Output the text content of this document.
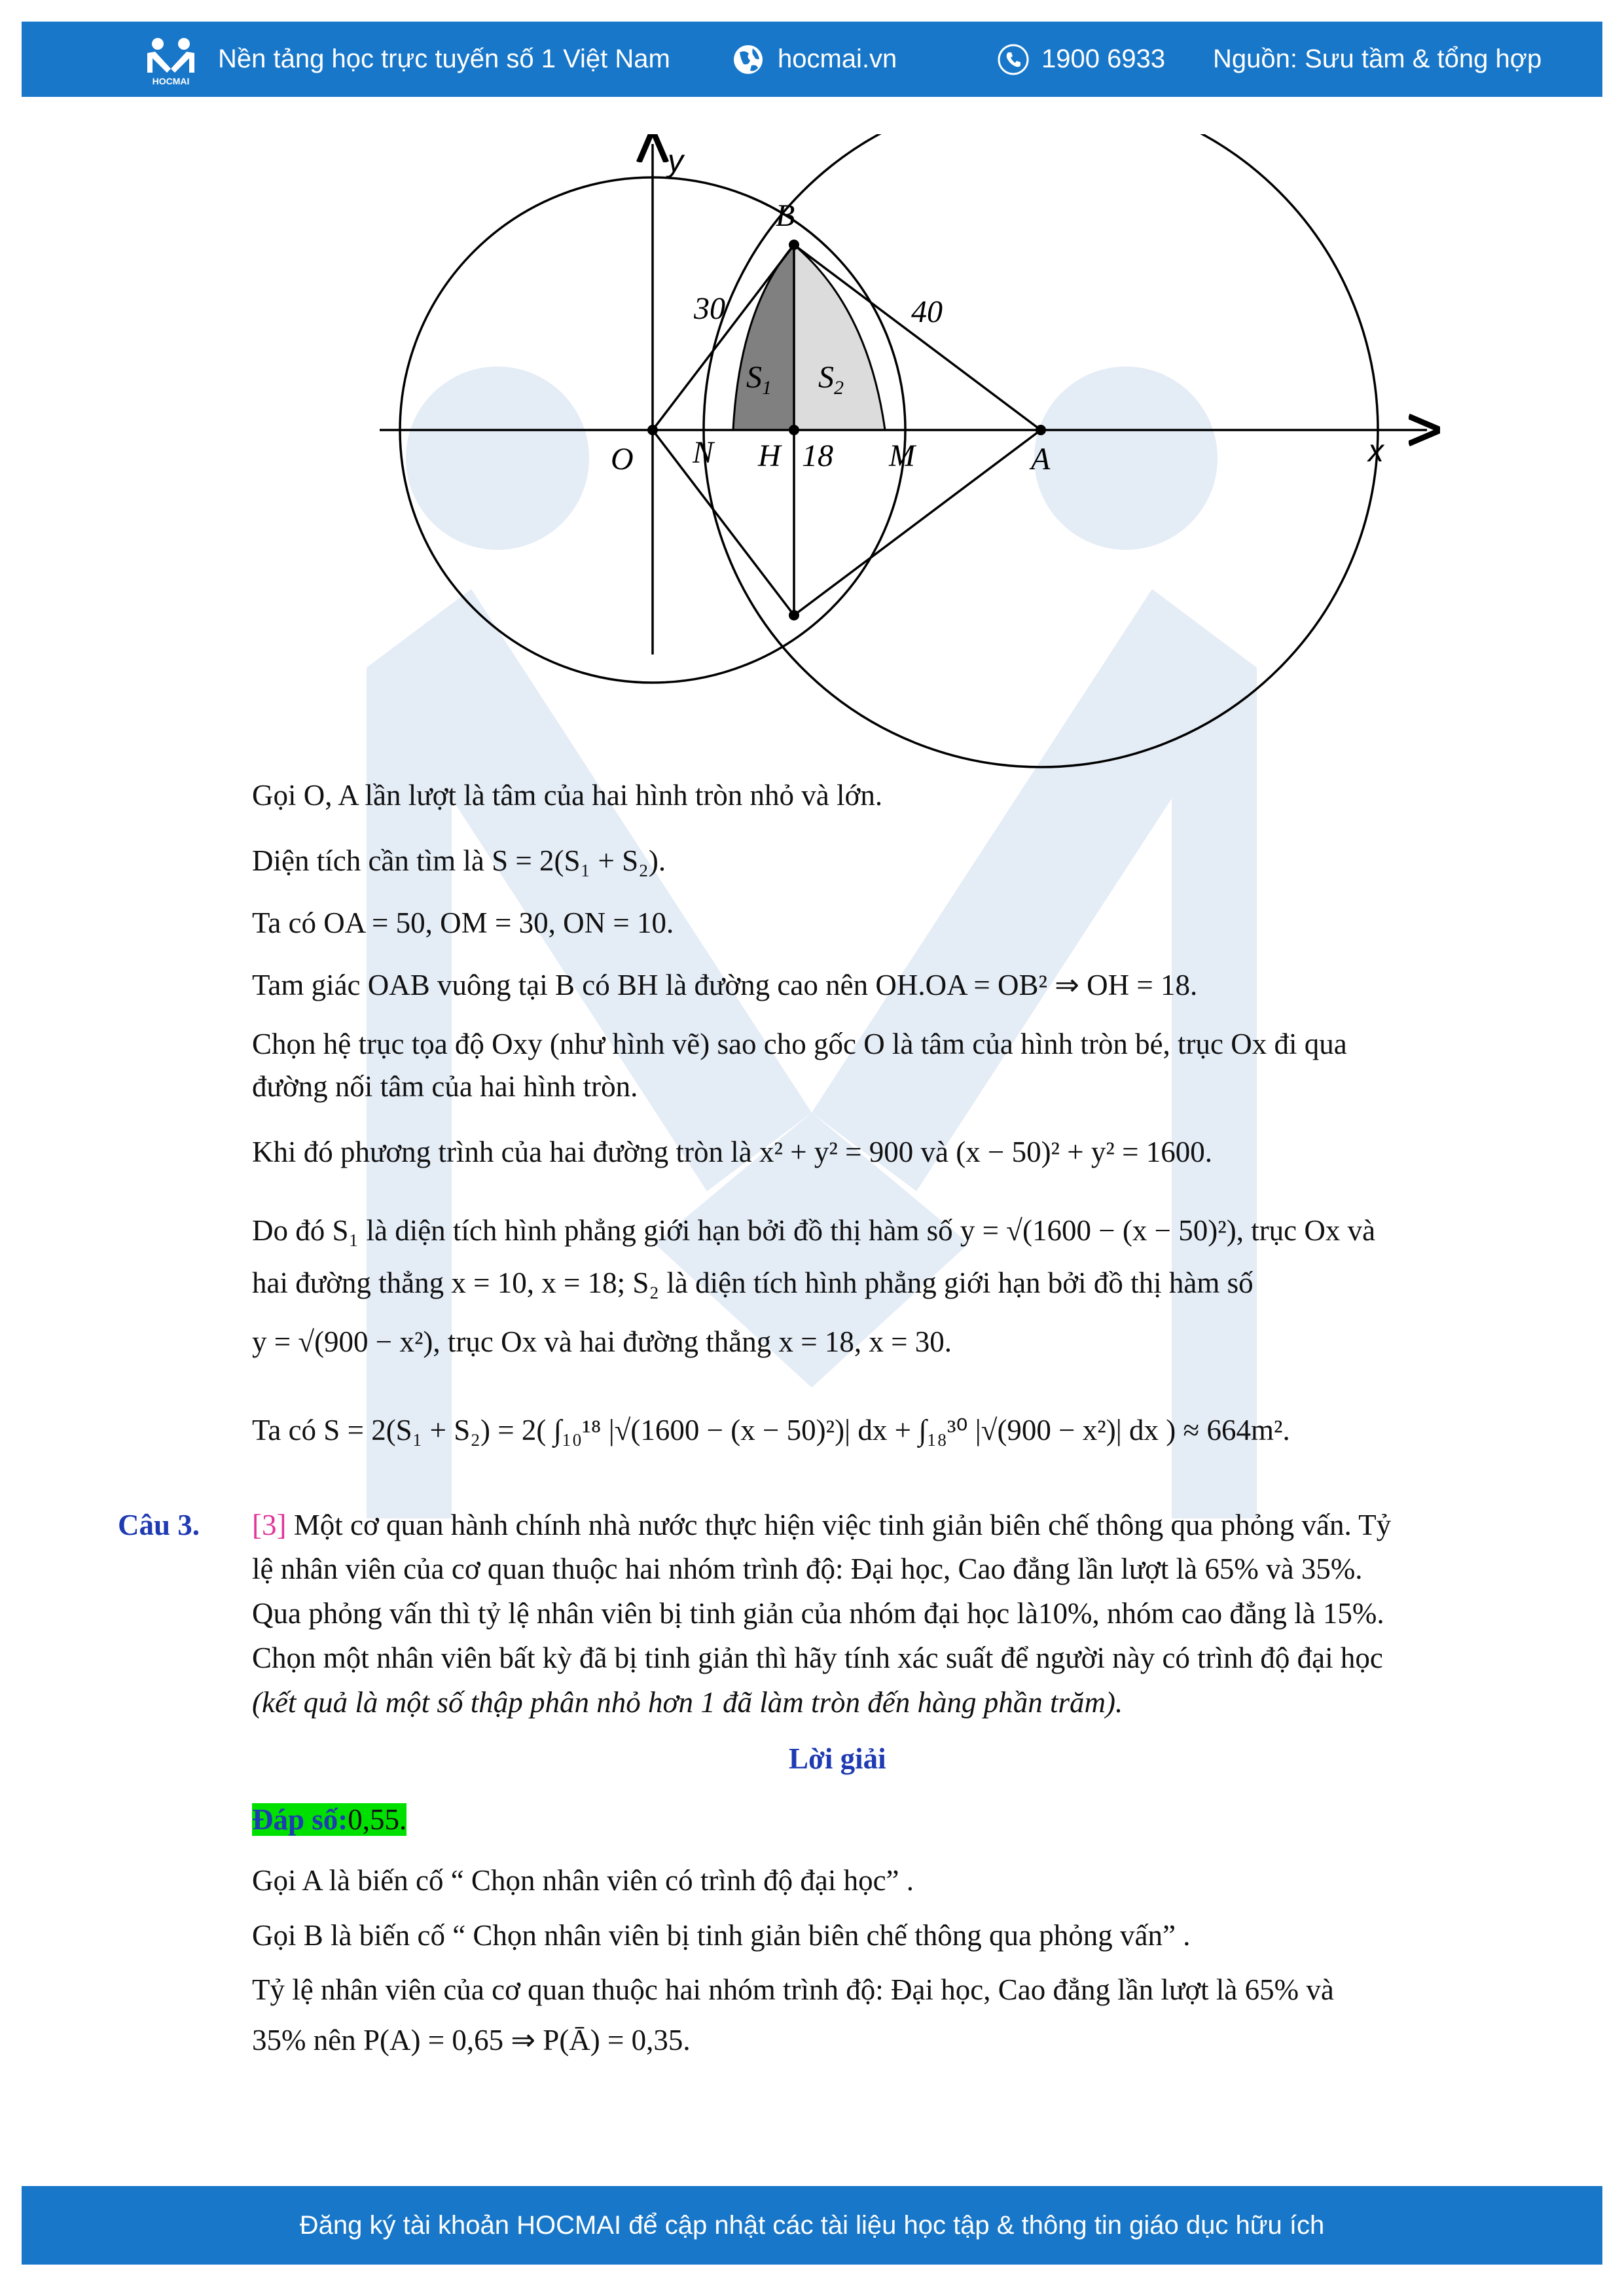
HOCMAI
Nền tảng học trực tuyến số 1 Việt Nam	hocmai.vn	1900 6933 Nguồn: Sưu tầm & tổng hợp
y
x
B
30	40
$S_1$ $S_2$
O N H 18 M	A
Gọi O, A lần lượt là tâm của hai hình tròn nhỏ và lớn.
Diện tích cần tìm là S = 2(S₁ + S₂).
Ta có OA = 50, OM = 30, ON = 10.
Tam giác OAB vuông tại B có BH là đường cao nên OH.OA = OB² ⇒ OH = 18.
Chọn hệ trục tọa độ Oxy (như hình vẽ) sao cho gốc O là tâm của hình tròn bé, trục Ox đi qua
đường nối tâm của hai hình tròn.
Khi đó phương trình của hai đường tròn là x² + y² = 900 và (x − 50)² + y² = 1600.
Do đó S₁ là diện tích hình phẳng giới hạn bởi đồ thị hàm số y = √(1600 − (x − 50)²), trục Ox và
hai đường thẳng x = 10, x = 18; S₂ là diện tích hình phẳng giới hạn bởi đồ thị hàm số
y = √(900 − x²), trục Ox và hai đường thẳng x = 18, x = 30.
Ta có S = 2(S₁ + S₂) = 2( ∫₁₀¹⁸ |√(1600 − (x − 50)²)| dx + ∫₁₈³⁰ |√(900 − x²)| dx ) ≈ 664m².
Câu 3. [3] Một cơ quan hành chính nhà nước thực hiện việc tinh giản biên chế thông qua phỏng vấn. Tỷ
lệ nhân viên của cơ quan thuộc hai nhóm trình độ: Đại học, Cao đẳng lần lượt là 65% và 35%.
Qua phỏng vấn thì tỷ lệ nhân viên bị tinh giản của nhóm đại học là10%, nhóm cao đẳng là 15%.
Chọn một nhân viên bất kỳ đã bị tinh giản thì hãy tính xác suất để người này có trình độ đại học
(kết quả là một số thập phân nhỏ hơn 1 đã làm tròn đến hàng phần trăm).
Lời giải
Đáp số:0,55.
Gọi A là biến cố “ Chọn nhân viên có trình độ đại học” .
Gọi B là biến cố “ Chọn nhân viên bị tinh giản biên chế thông qua phỏng vấn” .
Tỷ lệ nhân viên của cơ quan thuộc hai nhóm trình độ: Đại học, Cao đẳng lần lượt là 65% và
35% nên P(A) = 0,65 ⇒ P(Ā) = 0,35.
Đăng ký tài khoản HOCMAI để cập nhật các tài liệu học tập & thông tin giáo dục hữu ích
